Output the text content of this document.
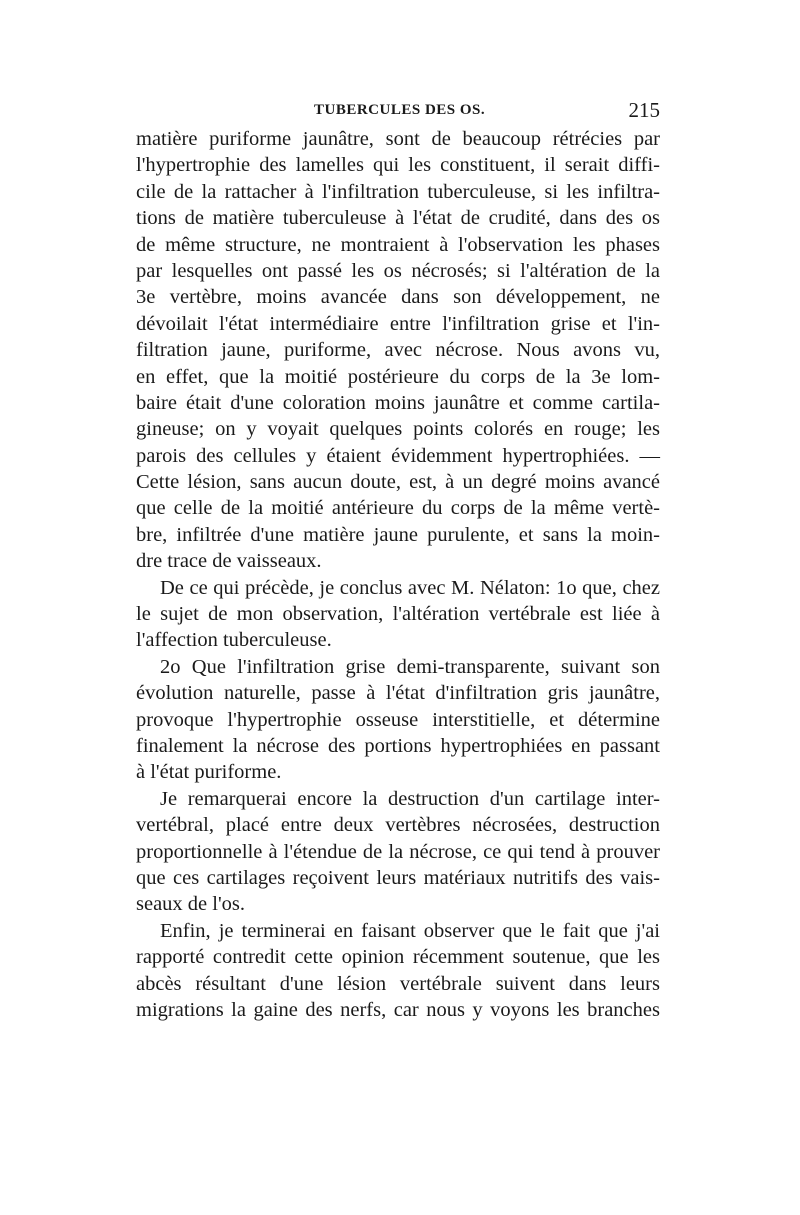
TUBERCULES DES OS.	215
matière puriforme jaunâtre, sont de beaucoup rétrécies par
l'hypertrophie des lamelles qui les constituent, il serait diffi-
cile de la rattacher à l'infiltration tuberculeuse, si les infiltra-
tions de matière tuberculeuse à l'état de crudité, dans des os
de même structure, ne montraient à l'observation les phases
par lesquelles ont passé les os nécrosés; si l'altération de la
3e vertèbre, moins avancée dans son développement, ne
dévoilait l'état intermédiaire entre l'infiltration grise et l'in-
filtration jaune, puriforme, avec nécrose. Nous avons vu,
en effet, que la moitié postérieure du corps de la 3e lom-
baire était d'une coloration moins jaunâtre et comme cartila-
gineuse; on y voyait quelques points colorés en rouge; les
parois des cellules y étaient évidemment hypertrophiées. —
Cette lésion, sans aucun doute, est, à un degré moins avancé
que celle de la moitié antérieure du corps de la même vertè-
bre, infiltrée d'une matière jaune purulente, et sans la moin-
dre trace de vaisseaux.
De ce qui précède, je conclus avec M. Nélaton: 1o que, chez
le sujet de mon observation, l'altération vertébrale est liée à
l'affection tuberculeuse.
2o Que l'infiltration grise demi-transparente, suivant son
évolution naturelle, passe à l'état d'infiltration gris jaunâtre,
provoque l'hypertrophie osseuse interstitielle, et détermine
finalement la nécrose des portions hypertrophiées en passant
à l'état puriforme.
Je remarquerai encore la destruction d'un cartilage inter-
vertébral, placé entre deux vertèbres nécrosées, destruction
proportionnelle à l'étendue de la nécrose, ce qui tend à prouver
que ces cartilages reçoivent leurs matériaux nutritifs des vais-
seaux de l'os.
Enfin, je terminerai en faisant observer que le fait que j'ai
rapporté contredit cette opinion récemment soutenue, que les
abcès résultant d'une lésion vertébrale suivent dans leurs
migrations la gaine des nerfs, car nous y voyons les branches
